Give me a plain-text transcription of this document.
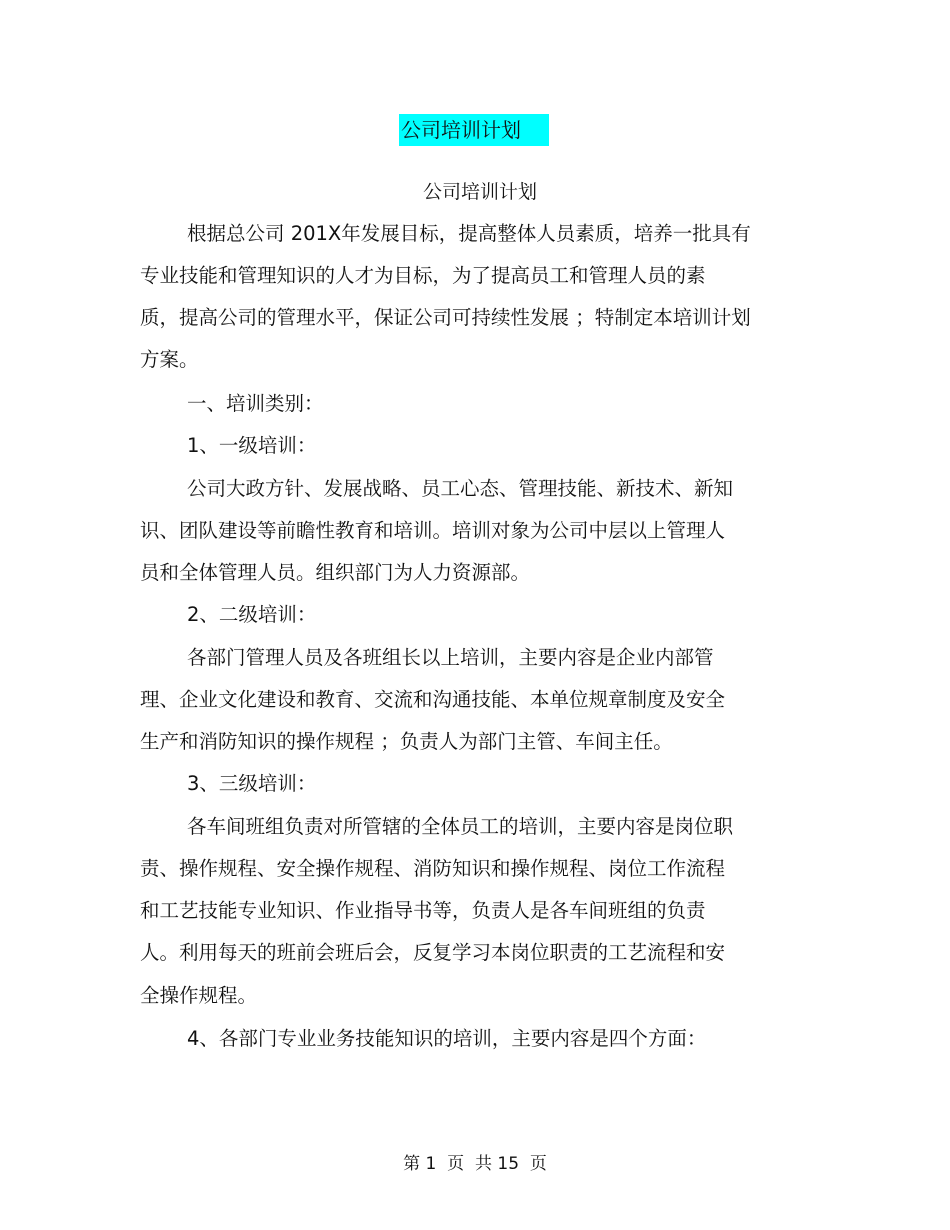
公司培训计划
公司培训计划
根据总公司 201X年发展目标，提高整体人员素质，培养一批具有
专业技能和管理知识的人才为目标，为了提高员工和管理人员的素
质，提高公司的管理水平，保证公司可持续性发展 ；特制定本培训计划
方案。
一、培训类别：
1、一级培训：
公司大政方针、发展战略、员工心态、管理技能、新技术、新知
识、团队建设等前瞻性教育和培训。培训对象为公司中层以上管理人
员和全体管理人员。组织部门为人力资源部。
2、二级培训：
各部门管理人员及各班组长以上培训，主要内容是企业内部管
理、企业文化建设和教育、交流和沟通技能、本单位规章制度及安全
生产和消防知识的操作规程 ；负责人为部门主管、车间主任。
3、三级培训：
各车间班组负责对所管辖的全体员工的培训，主要内容是岗位职
责、操作规程、安全操作规程、消防知识和操作规程、岗位工作流程
和工艺技能专业知识、作业指导书等，负责人是各车间班组的负责
人。利用每天的班前会班后会，反复学习本岗位职责的工艺流程和安
全操作规程。
4、各部门专业业务技能知识的培训，主要内容是四个方面：
第 1  页  共 15  页
